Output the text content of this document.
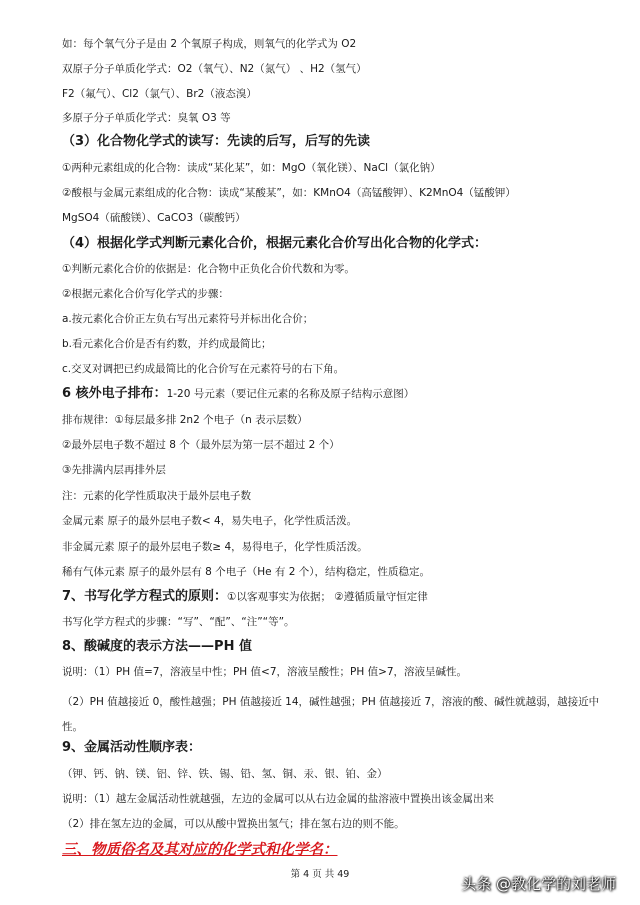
如：每个氧气分子是由 2 个氧原子构成，则氧气的化学式为 O2
双原子分子单质化学式：O2（氧气）、N2（氮气） 、H2（氢气）
F2（氟气）、Cl2（氯气）、Br2（液态溴）
多原子分子单质化学式：臭氧 O3 等
（3）化合物化学式的读写：先读的后写，后写的先读
①两种元素组成的化合物：读成“某化某”，如：MgO（氧化镁）、NaCl（氯化钠）
②酸根与金属元素组成的化合物：读成“某酸某”，如：KMnO4（高锰酸钾）、K2MnO4（锰酸钾）
MgSO4（硫酸镁）、CaCO3（碳酸钙）
（4）根据化学式判断元素化合价，根据元素化合价写出化合物的化学式：
①判断元素化合价的依据是：化合物中正负化合价代数和为零。
②根据元素化合价写化学式的步骤：
a.按元素化合价正左负右写出元素符号并标出化合价；
b.看元素化合价是否有约数，并约成最简比；
c.交叉对调把已约成最简比的化合价写在元素符号的右下角。
6 核外电子排布：1-20 号元素（要记住元素的名称及原子结构示意图）
排布规律：①每层最多排 2n2 个电子（n 表示层数）
②最外层电子数不超过 8 个（最外层为第一层不超过 2 个）
③先排满内层再排外层
注：元素的化学性质取决于最外层电子数
金属元素 原子的最外层电子数< 4，易失电子，化学性质活泼。
非金属元素 原子的最外层电子数≥ 4，易得电子，化学性质活泼。
稀有气体元素 原子的最外层有 8 个电子（He 有 2 个），结构稳定，性质稳定。
7、书写化学方程式的原则：①以客观事实为依据； ②遵循质量守恒定律
书写化学方程式的步骤：“写”、“配”、“注”“等”。
8、酸碱度的表示方法——PH 值
说明：（1）PH 值=7，溶液呈中性；PH 值<7，溶液呈酸性；PH 值>7，溶液呈碱性。
（2）PH 值越接近 0，酸性越强；PH 值越接近 14，碱性越强；PH 值越接近 7，溶液的酸、碱性就越弱，越接近中性。
9、金属活动性顺序表：
（钾、钙、钠、镁、铝、锌、铁、锡、铅、氢、铜、汞、银、铂、金）
说明：（1）越左金属活动性就越强，左边的金属可以从右边金属的盐溶液中置换出该金属出来
（2）排在氢左边的金属，可以从酸中置换出氢气；排在氢右边的则不能。
三、物质俗名及其对应的化学式和化学名：
第 4 页 共 49	头条 @教化学的刘老师
